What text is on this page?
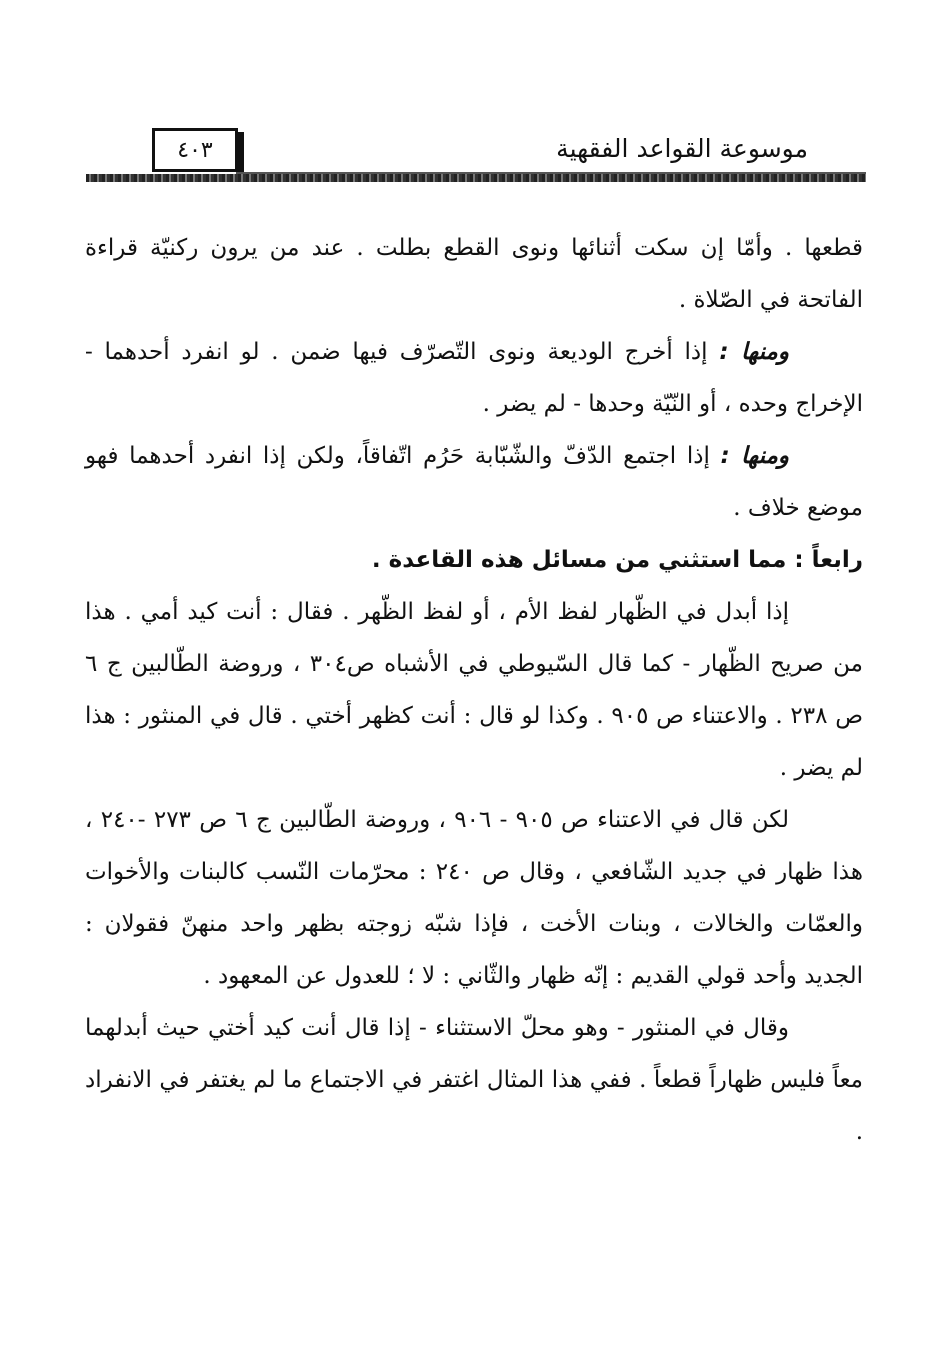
٤٠٣	موسوعة القواعد الفقهية

قطعها . وأمّا إن سكت أثنائها ونوى القطع بطلت . عند من يرون ركنيّة قراءة الفاتحة في الصّلاة .

ومنها : إذا أخرج الوديعة ونوى التّصرّف فيها ضمن . لو انفرد أحدهما - الإخراج وحده ، أو النّيّة وحدها - لم يضر .

ومنها : إذا اجتمع الدّفّ والشّبّابة حَرُم اتّفاقاً، ولكن إذا انفرد أحدهما فهو موضع خلاف .

رابعاً : مما استثني من مسائل هذه القاعدة .

إذا أبدل في الظّهار لفظ الأم ، أو لفظ الظّهر . فقال : أنت كيد أمي . هذا من صريح الظّهار - كما قال السّيوطي في الأشباه ص٣٠٤ ، وروضة الطّالبين ج ٦ ص ٢٣٨ . والاعتناء ص ٩٠٥ . وكذا لو قال : أنت كظهر أختي . قال في المنثور : هذا لم يضر .

لكن قال في الاعتناء ص ٩٠٥ - ٩٠٦ ، وروضة الطّالبين ج ٦ ص ٢٧٣ -٢٤٠ ، هذا ظهار في جديد الشّافعي ، وقال ص ٢٤٠ : محرّمات النّسب كالبنات والأخوات والعمّات والخالات ، وبنات الأخت ، فإذا شبّه زوجته بظهر واحد منهنّ فقولان : الجديد وأحد قولي القديم : إنّه ظهار والثّاني : لا ؛ للعدول عن المعهود .

وقال في المنثور - وهو محلّ الاستثناء - إذا قال أنت كيد أختي حيث أبدلهما معاً فليس ظهاراً قطعاً . ففي هذا المثال اغتفر في الاجتماع ما لم يغتفر في الانفراد .
